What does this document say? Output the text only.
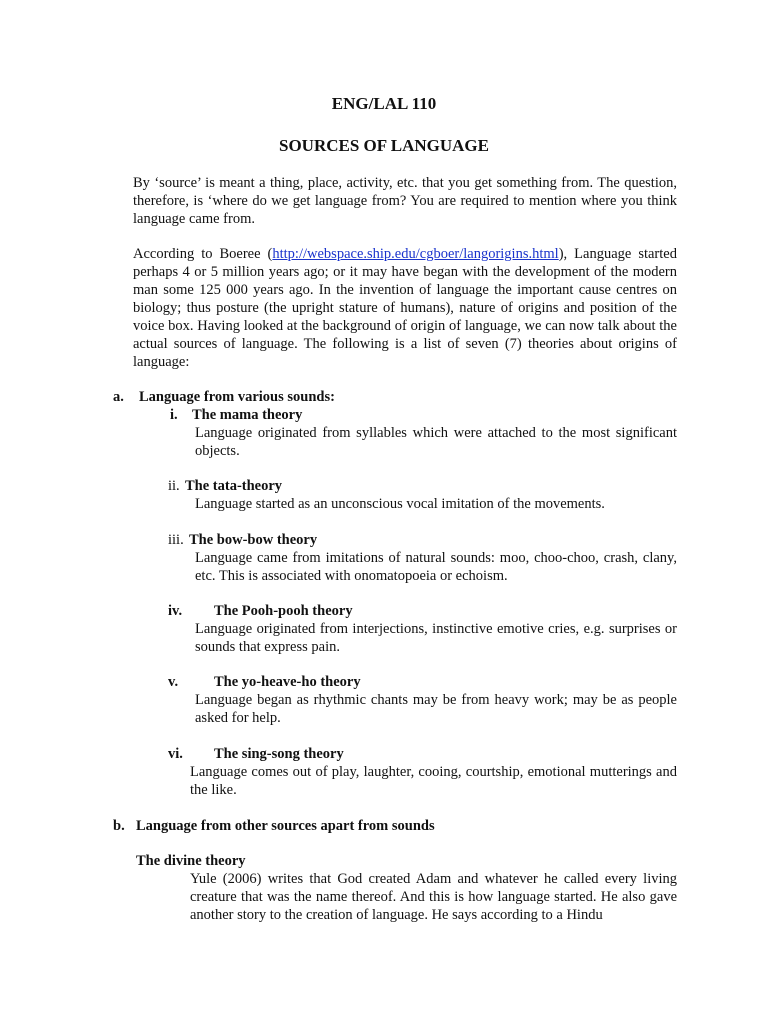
ENG/LAL 110
SOURCES OF LANGUAGE

By ‘source’ is meant a thing, place, activity, etc. that you get something from. The question, therefore, is ‘where do we get language from? You are required to mention where you think language came from.

According to Boeree (http://webspace.ship.edu/cgboer/langorigins.html), Language started perhaps 4 or 5 million years ago; or it may have began with the development of the modern man some 125 000 years ago. In the invention of language the important cause centres on biology; thus posture (the upright stature of humans), nature of origins and position of the voice box. Having looked at the background of origin of language, we can now talk about the actual sources of language. The following is a list of seven (7) theories about origins of language:

a. Language from various sounds:
i. The mama theory

Language originated from syllables which were attached to the most significant objects.

ii. The tata-theory

Language started as an unconscious vocal imitation of the movements.

iii. The bow-bow theory

Language came from imitations of natural sounds: moo, choo-choo, crash, clany, etc. This is associated with onomatopoeia or echoism.

iv. The Pooh-pooh theory

Language originated from interjections, instinctive emotive cries, e.g. surprises or sounds that express pain.

v. The yo-heave-ho theory

Language began as rhythmic chants may be from heavy work; may be as people asked for help.

vi. The sing-song theory

Language comes out of play, laughter, cooing, courtship, emotional mutterings and the like.

b. Language from other sources apart from sounds
The divine theory

Yule (2006) writes that God created Adam and whatever he called every living creature that was the name thereof. And this is how language started. He also gave another story to the creation of language. He says according to a Hindu
